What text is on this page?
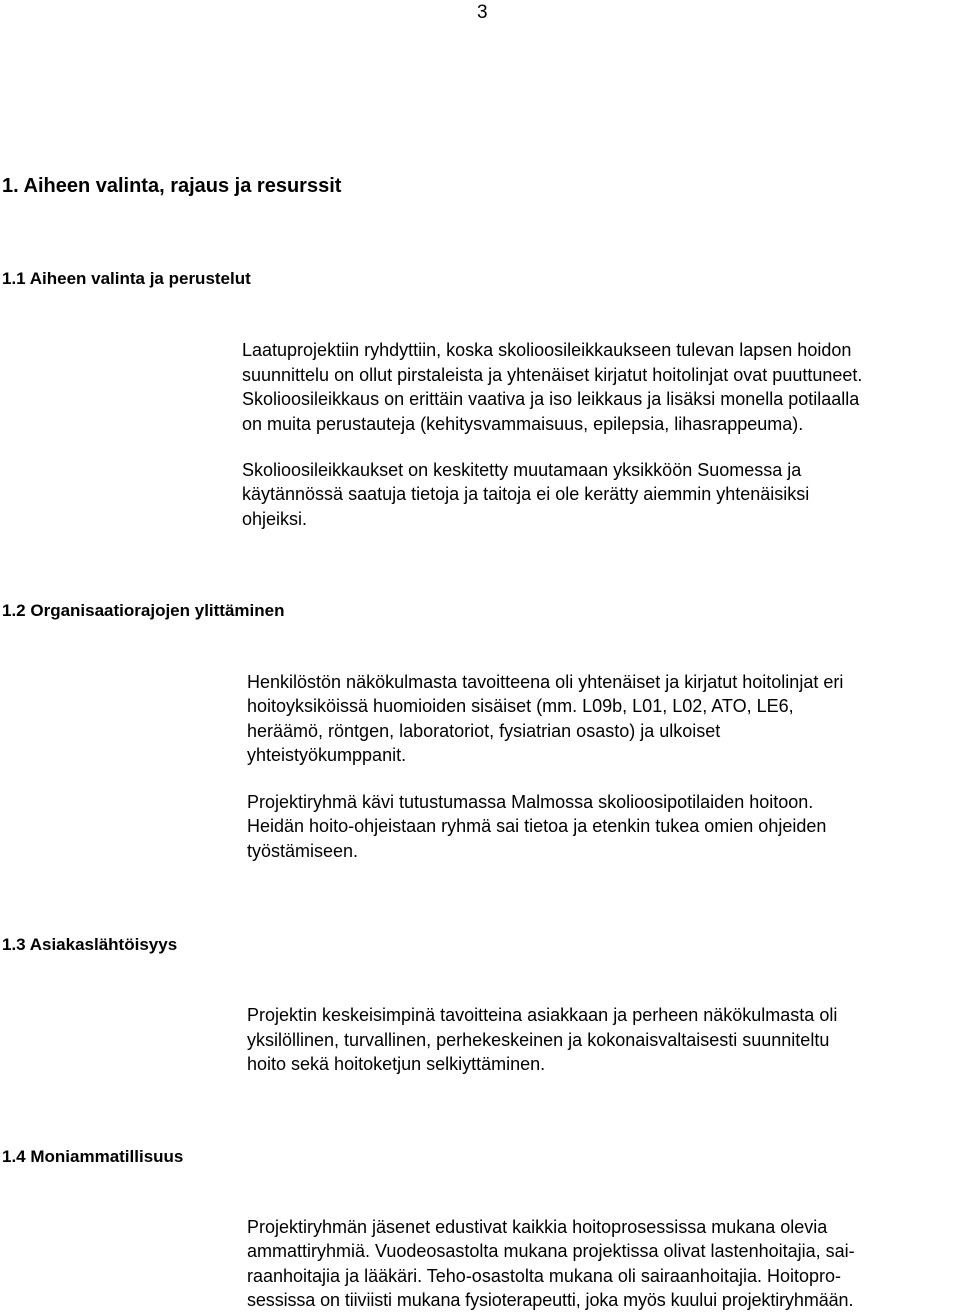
3
1. Aiheen valinta, rajaus ja resurssit
1.1 Aiheen valinta ja perustelut
Laatuprojektiin ryhdyttiin, koska skolioosileikkaukseen tulevan lapsen hoidon
suunnittelu on ollut pirstaleista ja yhtenäiset kirjatut hoitolinjat ovat puuttuneet.
Skolioosileikkaus on erittäin vaativa ja iso leikkaus ja lisäksi monella potilaalla
on muita perustauteja (kehitysvammaisuus, epilepsia, lihasrappeuma).
Skolioosileikkaukset on keskitetty muutamaan yksikköön Suomessa ja
käytännössä saatuja tietoja ja taitoja ei ole kerätty aiemmin yhtenäisiksi
ohjeiksi.
1.2 Organisaatiorajojen ylittäminen
Henkilöstön näkökulmasta tavoitteena oli yhtenäiset ja kirjatut hoitolinjat eri
hoitoyksiköissä huomioiden sisäiset (mm. L09b, L01, L02, ATO, LE6,
heräämö, röntgen, laboratoriot, fysiatrian osasto) ja ulkoiset
yhteistyökumppanit.
Projektiryhmä kävi tutustumassa Malmossa skolioosipotilaiden hoitoon.
Heidän hoito-ohjeistaan ryhmä sai tietoa ja etenkin tukea omien ohjeiden
työstämiseen.
1.3 Asiakaslähtöisyys
Projektin keskeisimpinä tavoitteina asiakkaan ja perheen näkökulmasta oli
yksilöllinen, turvallinen, perhekeskeinen ja kokonaisvaltaisesti suunniteltu
hoito sekä hoitoketjun selkiyttäminen.
1.4 Moniammatillisuus
Projektiryhmän jäsenet edustivat kaikkia hoitoprosessissa mukana olevia
ammattiryhmiä. Vuodeosastolta mukana projektissa olivat lastenhoitajia, sai-
raanhoitajia ja lääkäri. Teho-osastolta mukana oli sairaanhoitajia. Hoitopro-
sessissa on tiiviisti mukana fysioterapeutti, joka myös kuului projektiryhmään.
